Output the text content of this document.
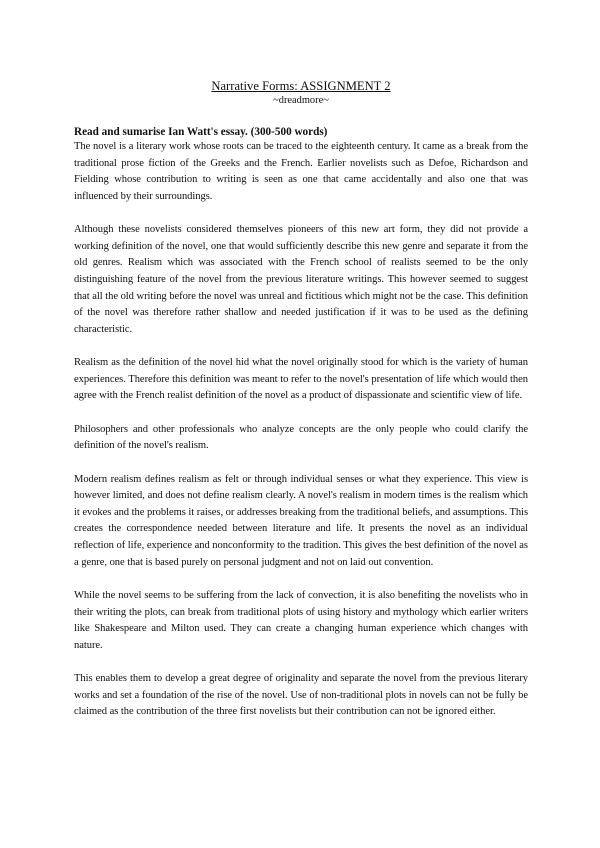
Narrative Forms: ASSIGNMENT 2
~dreadmore~
Read and sumarise Ian Watt's essay. (300-500 words)

The novel is a literary work whose roots can be traced to the eighteenth century. It came as a break from the traditional prose fiction of the Greeks and the French. Earlier novelists such as Defoe, Richardson and Fielding whose contribution to writing is seen as one that came accidentally and also one that was influenced by their surroundings.

Although these novelists considered themselves pioneers of this new art form, they did not provide a working definition of the novel, one that would sufficiently describe this new genre and separate it from the old genres. Realism which was associated with the French school of realists seemed to be the only distinguishing feature of the novel from the previous literature writings. This however seemed to suggest that all the old writing before the novel was unreal and fictitious which might not be the case. This definition of the novel was therefore rather shallow and needed justification if it was to be used as the defining characteristic.

Realism as the definition of the novel hid what the novel originally stood for which is the variety of human experiences. Therefore this definition was meant to refer to the novel's presentation of life which would then agree with the French realist definition of the novel as a product of dispassionate and scientific view of life.

Philosophers and other professionals who analyze concepts are the only people who could clarify the definition of the novel's realism.

Modern realism defines realism as felt or through individual senses or what they experience. This view is however limited, and does not define realism clearly. A novel's realism in modern times is the realism which it evokes and the problems it raises, or addresses breaking from the traditional beliefs, and assumptions. This creates the correspondence needed between literature and life. It presents the novel as an individual reflection of life, experience and nonconformity to the tradition. This gives the best definition of the novel as a genre, one that is based purely on personal judgment and not on laid out convention.

While the novel seems to be suffering from the lack of convection, it is also benefiting the novelists who in their writing the plots, can break from traditional plots of using history and mythology which earlier writers like Shakespeare and Milton used. They can create a changing human experience which changes with nature.

This enables them to develop a great degree of originality and separate the novel from the previous literary works and set a foundation of the rise of the novel. Use of non-traditional plots in novels can not be fully be claimed as the contribution of the three first novelists but their contribution can not be ignored either.
